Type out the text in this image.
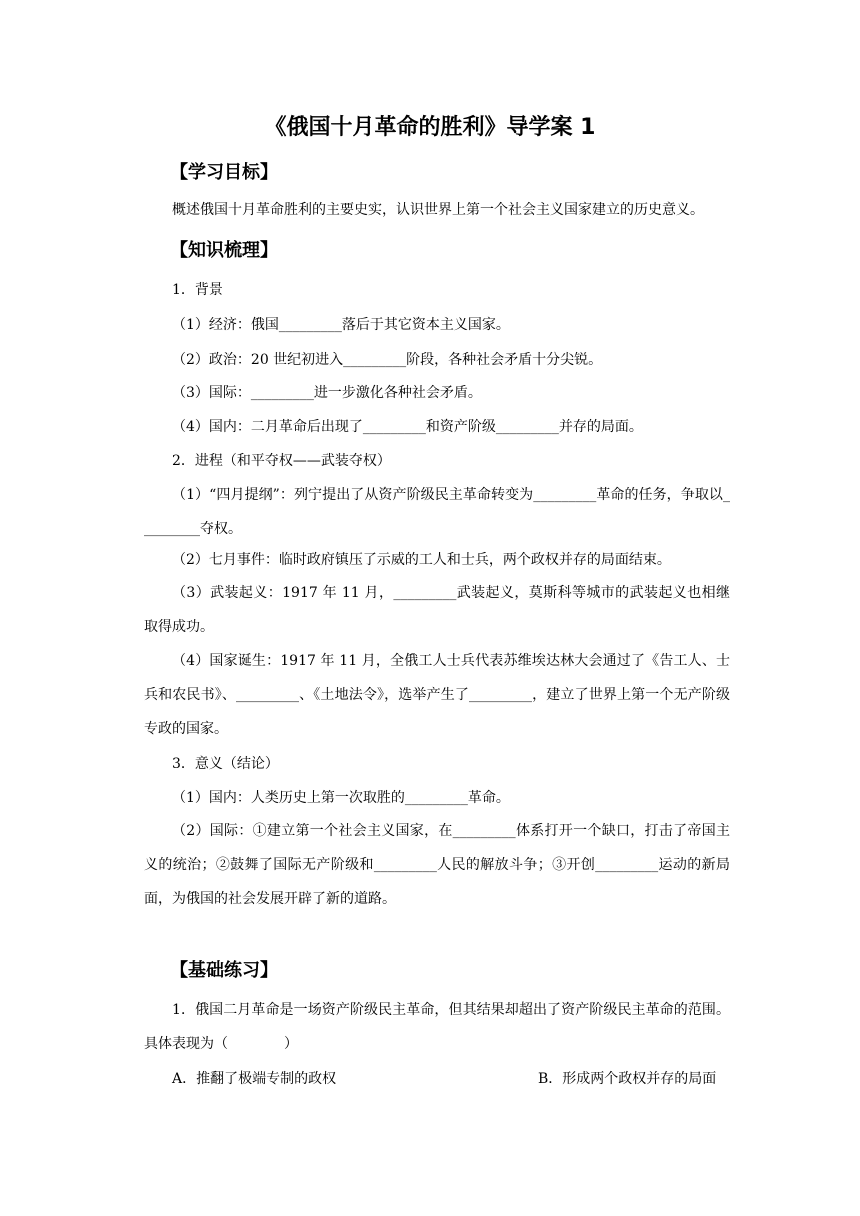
《俄国十月革命的胜利》导学案 1
【学习目标】
概述俄国十月革命胜利的主要史实，认识世界上第一个社会主义国家建立的历史意义。
【知识梳理】
1．背景
（1）经济：俄国_________落后于其它资本主义国家。
（2）政治：20 世纪初进入_________阶段，各种社会矛盾十分尖锐。
（3）国际：_________进一步激化各种社会矛盾。
（4）国内：二月革命后出现了_________和资产阶级_________并存的局面。
2．进程（和平夺权——武装夺权）
（1）“四月提纲”：列宁提出了从资产阶级民主革命转变为_________革命的任务，争取以_________夺权。
（2）七月事件：临时政府镇压了示威的工人和士兵，两个政权并存的局面结束。
（3）武装起义：1917 年 11 月，_________武装起义，莫斯科等城市的武装起义也相继取得成功。
（4）国家诞生：1917 年 11 月，全俄工人士兵代表苏维埃达林大会通过了《告工人、士兵和农民书》、_________、《土地法令》，选举产生了_________，建立了世界上第一个无产阶级专政的国家。
3．意义（结论）
（1）国内：人类历史上第一次取胜的_________革命。
（2）国际：①建立第一个社会主义国家，在_________体系打开一个缺口，打击了帝国主义的统治；②鼓舞了国际无产阶级和_________人民的解放斗争；③开创_________运动的新局面，为俄国的社会发展开辟了新的道路。
【基础练习】
1．俄国二月革命是一场资产阶级民主革命，但其结果却超出了资产阶级民主革命的范围。具体表现为（　　　　）
A．推翻了极端专制的政权	B．形成两个政权并存的局面
